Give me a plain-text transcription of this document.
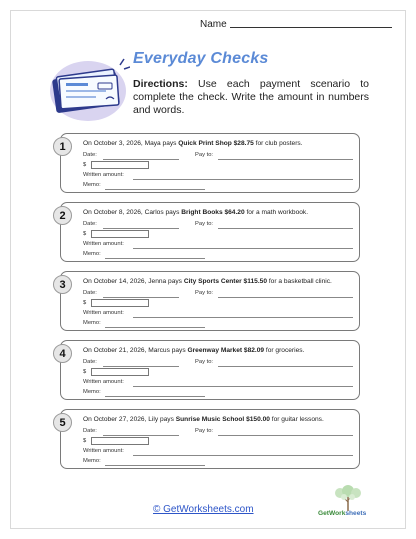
Name
Everyday Checks
Directions: Use each payment scenario to complete the check. Write the amount in numbers and words.
1	On October 3, 2026, Maya pays Quick Print Shop $28.75 for club posters.
Date:	Pay to:
$
Written amount:
Memo:
2	On October 8, 2026, Carlos pays Bright Books $64.20 for a math workbook.
Date:	Pay to:
$
Written amount:
Memo:
3	On October 14, 2026, Jenna pays City Sports Center $115.50 for a basketball clinic.
Date:	Pay to:
$
Written amount:
Memo:
4	On October 21, 2026, Marcus pays Greenway Market $82.09 for groceries.
Date:	Pay to:
$
Written amount:
Memo:
5	On October 27, 2026, Lily pays Sunrise Music School $150.00 for guitar lessons.
Date:	Pay to:
$
Written amount:
Memo:
© GetWorksheets.com	GetWorksheets
